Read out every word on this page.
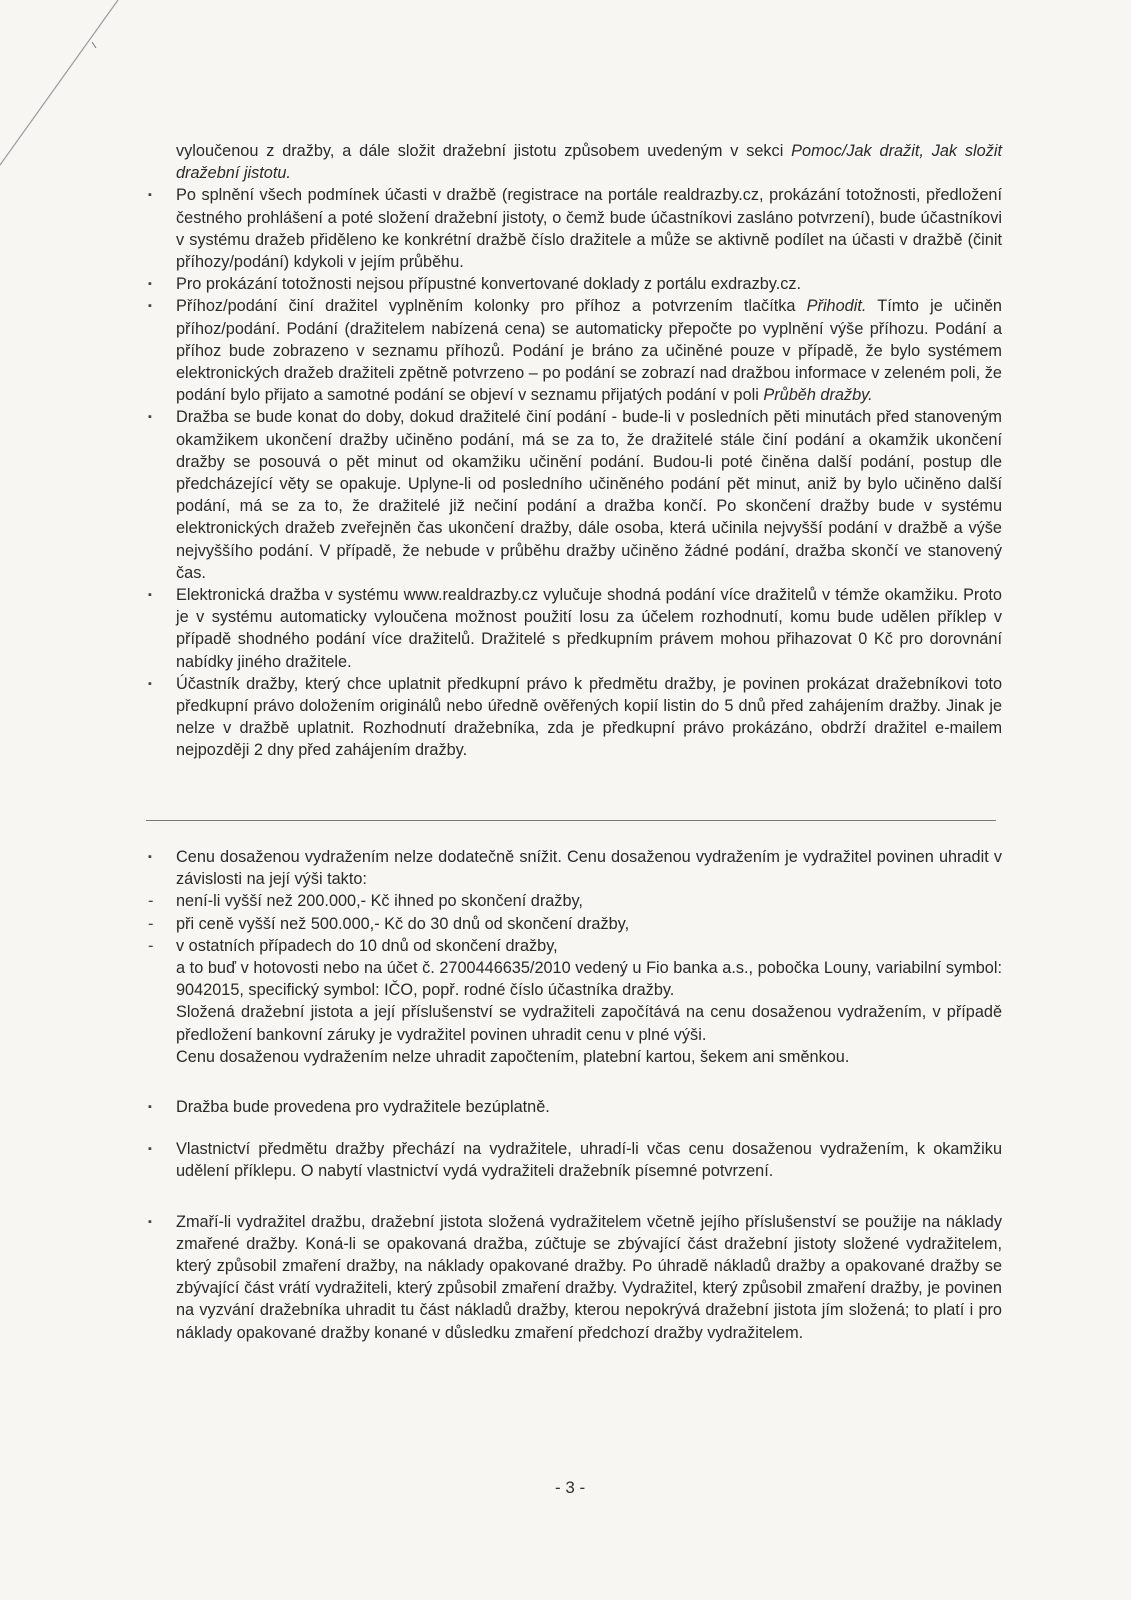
vyloučenou z dražby, a dále složit dražební jistotu způsobem uvedeným v sekci Pomoc/Jak dražit, Jak složit dražební jistotu.

▪ Po splnění všech podmínek účasti v dražbě (registrace na portále realdrazby.cz, prokázání totožnosti, předložení čestného prohlášení a poté složení dražební jistoty, o čemž bude účastníkovi zasláno potvrzení), bude účastníkovi v systému dražeb přiděleno ke konkrétní dražbě číslo dražitele a může se aktivně podílet na účasti v dražbě (činit příhozy/podání) kdykoli v jejím průběhu.

▪ Pro prokázání totožnosti nejsou přípustné konvertované doklady z portálu exdrazby.cz.

▪ Příhoz/podání činí dražitel vyplněním kolonky pro příhoz a potvrzením tlačítka Přihodit. Tímto je učiněn příhoz/podání. Podání (dražitelem nabízená cena) se automaticky přepočte po vyplnění výše příhozu. Podání a příhoz bude zobrazeno v seznamu příhozů. Podání je bráno za učiněné pouze v případě, že bylo systémem elektronických dražeb dražiteli zpětně potvrzeno – po podání se zobrazí nad dražbou informace v zeleném poli, že podání bylo přijato a samotné podání se objeví v seznamu přijatých podání v poli Průběh dražby.

▪ Dražba se bude konat do doby, dokud dražitelé činí podání - bude-li v posledních pěti minutách před stanoveným okamžikem ukončení dražby učiněno podání, má se za to, že dražitelé stále činí podání a okamžik ukončení dražby se posouvá o pět minut od okamžiku učinění podání. Budou-li poté činěna další podání, postup dle předcházející věty se opakuje. Uplyne-li od posledního učiněného podání pět minut, aniž by bylo učiněno další podání, má se za to, že dražitelé již nečiní podání a dražba končí. Po skončení dražby bude v systému elektronických dražeb zveřejněn čas ukončení dražby, dále osoba, která učinila nejvyšší podání v dražbě a výše nejvyššího podání. V případě, že nebude v průběhu dražby učiněno žádné podání, dražba skončí ve stanovený čas.

▪ Elektronická dražba v systému www.realdrazby.cz vylučuje shodná podání více dražitelů v témže okamžiku. Proto je v systému automaticky vyloučena možnost použití losu za účelem rozhodnutí, komu bude udělen příklep v případě shodného podání více dražitelů. Dražitelé s předkupním právem mohou přihazovat 0 Kč pro dorovnání nabídky jiného dražitele.

▪ Účastník dražby, který chce uplatnit předkupní právo k předmětu dražby, je povinen prokázat dražebníkovi toto předkupní právo doložením originálů nebo úředně ověřených kopií listin do 5 dnů před zahájením dražby. Jinak je nelze v dražbě uplatnit. Rozhodnutí dražebníka, zda je předkupní právo prokázáno, obdrží dražitel e-mailem nejpozději 2 dny před zahájením dražby.

▪ Cenu dosaženou vydražením nelze dodatečně snížit. Cenu dosaženou vydražením je vydražitel povinen uhradit v závislosti na její výši takto:

- není-li vyšší než 200.000,- Kč ihned po skončení dražby,

- při ceně vyšší než 500.000,- Kč do 30 dnů od skončení dražby,

- v ostatních případech do 10 dnů od skončení dražby,

a to buď v hotovosti nebo na účet č. 2700446635/2010 vedený u Fio banka a.s., pobočka Louny, variabilní symbol: 9042015, specifický symbol: IČO, popř. rodné číslo účastníka dražby.

Složená dražební jistota a její příslušenství se vydražiteli započítává na cenu dosaženou vydražením, v případě předložení bankovní záruky je vydražitel povinen uhradit cenu v plné výši.

Cenu dosaženou vydražením nelze uhradit započtením, platební kartou, šekem ani směnkou.

▪ Dražba bude provedena pro vydražitele bezúplatně.

▪ Vlastnictví předmětu dražby přechází na vydražitele, uhradí-li včas cenu dosaženou vydražením, k okamžiku udělení příklepu. O nabytí vlastnictví vydá vydražiteli dražebník písemné potvrzení.

▪ Zmaří-li vydražitel dražbu, dražební jistota složená vydražitelem včetně jejího příslušenství se použije na náklady zmařené dražby. Koná-li se opakovaná dražba, zúčtuje se zbývající část dražební jistoty složené vydražitelem, který způsobil zmaření dražby, na náklady opakované dražby. Po úhradě nákladů dražby a opakované dražby se zbývající část vrátí vydražiteli, který způsobil zmaření dražby. Vydražitel, který způsobil zmaření dražby, je povinen na vyzvání dražebníka uhradit tu část nákladů dražby, kterou nepokrývá dražební jistota jím složená; to platí i pro náklady opakované dražby konané v důsledku zmaření předchozí dražby vydražitelem.

- 3 -
